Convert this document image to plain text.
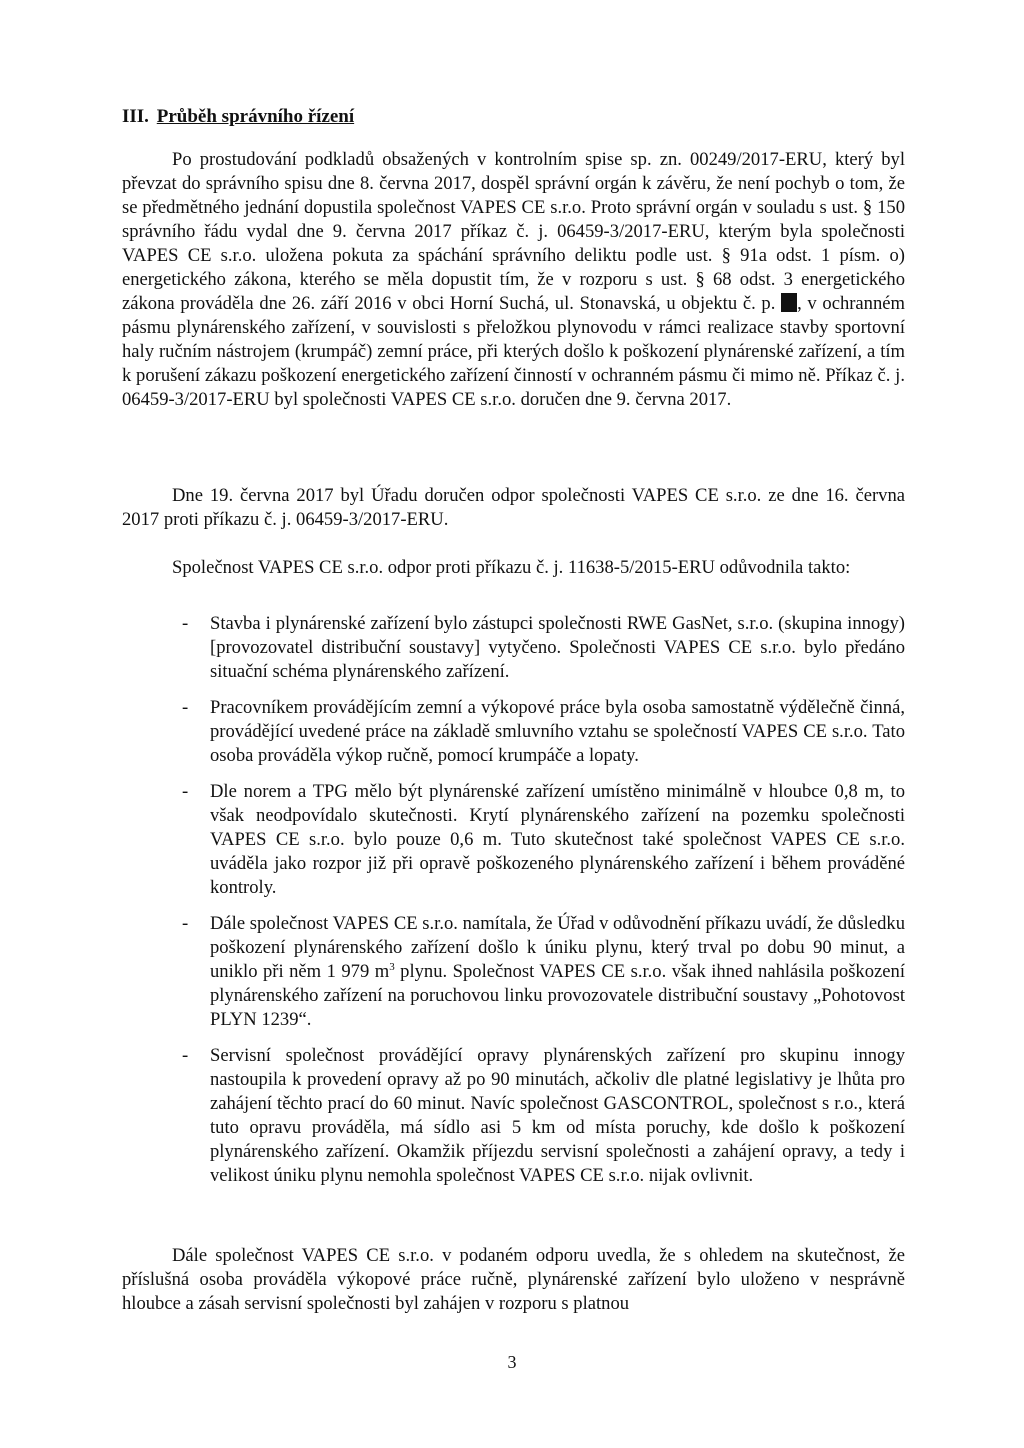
III. Průběh správního řízení
Po prostudování podkladů obsažených v kontrolním spise sp. zn. 00249/2017-ERU, který byl převzat do správního spisu dne 8. června 2017, dospěl správní orgán k závěru, že není pochyb o tom, že se předmětného jednání dopustila společnost VAPES CE s.r.o. Proto správní orgán v souladu s ust. § 150 správního řádu vydal dne 9. června 2017 příkaz č. j. 06459-3/2017-ERU, kterým byla společnosti VAPES CE s.r.o. uložena pokuta za spáchání správního deliktu podle ust. § 91a odst. 1 písm. o) energetického zákona, kterého se měla dopustit tím, že v rozporu s ust. § 68 odst. 3 energetického zákona prováděla dne 26. září 2016 v obci Horní Suchá, ul. Stonavská, u objektu č. p. , v ochranném pásmu plynárenského zařízení, v souvislosti s přeložkou plynovodu v rámci realizace stavby sportovní haly ručním nástrojem (krumpáč) zemní práce, při kterých došlo k poškození plynárenské zařízení, a tím k porušení zákazu poškození energetického zařízení činností v ochranném pásmu či mimo ně. Příkaz č. j. 06459-3/2017-ERU byl společnosti VAPES CE s.r.o. doručen dne 9. června 2017.
Dne 19. června 2017 byl Úřadu doručen odpor společnosti VAPES CE s.r.o. ze dne 16. června 2017 proti příkazu č. j. 06459-3/2017-ERU.
Společnost VAPES CE s.r.o. odpor proti příkazu č. j. 11638-5/2015-ERU odůvodnila takto:
- Stavba i plynárenské zařízení bylo zástupci společnosti RWE GasNet, s.r.o. (skupina innogy) [provozovatel distribuční soustavy] vytyčeno. Společnosti VAPES CE s.r.o. bylo předáno situační schéma plynárenského zařízení.
- Pracovníkem provádějícím zemní a výkopové práce byla osoba samostatně výdělečně činná, provádějící uvedené práce na základě smluvního vztahu se společností VAPES CE s.r.o. Tato osoba prováděla výkop ručně, pomocí krumpáče a lopaty.
- Dle norem a TPG mělo být plynárenské zařízení umístěno minimálně v hloubce 0,8 m, to však neodpovídalo skutečnosti. Krytí plynárenského zařízení na pozemku společnosti VAPES CE s.r.o. bylo pouze 0,6 m. Tuto skutečnost také společnost VAPES CE s.r.o. uváděla jako rozpor již při opravě poškozeného plynárenského zařízení i během prováděné kontroly.
- Dále společnost VAPES CE s.r.o. namítala, že Úřad v odůvodnění příkazu uvádí, že důsledku poškození plynárenského zařízení došlo k úniku plynu, který trval po dobu 90 minut, a uniklo při něm 1 979 $m^3$ plynu. Společnost VAPES CE s.r.o. však ihned nahlásila poškození plynárenského zařízení na poruchovou linku provozovatele distribuční soustavy „Pohotovost PLYN 1239“.
- Servisní společnost provádějící opravy plynárenských zařízení pro skupinu innogy nastoupila k provedení opravy až po 90 minutách, ačkoliv dle platné legislativy je lhůta pro zahájení těchto prací do 60 minut. Navíc společnost GASCONTROL, společnost s r.o., která tuto opravu prováděla, má sídlo asi 5 km od místa poruchy, kde došlo k poškození plynárenského zařízení. Okamžik příjezdu servisní společnosti a zahájení opravy, a tedy i velikost úniku plynu nemohla společnost VAPES CE s.r.o. nijak ovlivnit.
Dále společnost VAPES CE s.r.o. v podaném odporu uvedla, že s ohledem na skutečnost, že příslušná osoba prováděla výkopové práce ručně, plynárenské zařízení bylo uloženo v nesprávně hloubce a zásah servisní společnosti byl zahájen v rozporu s platnou
3
